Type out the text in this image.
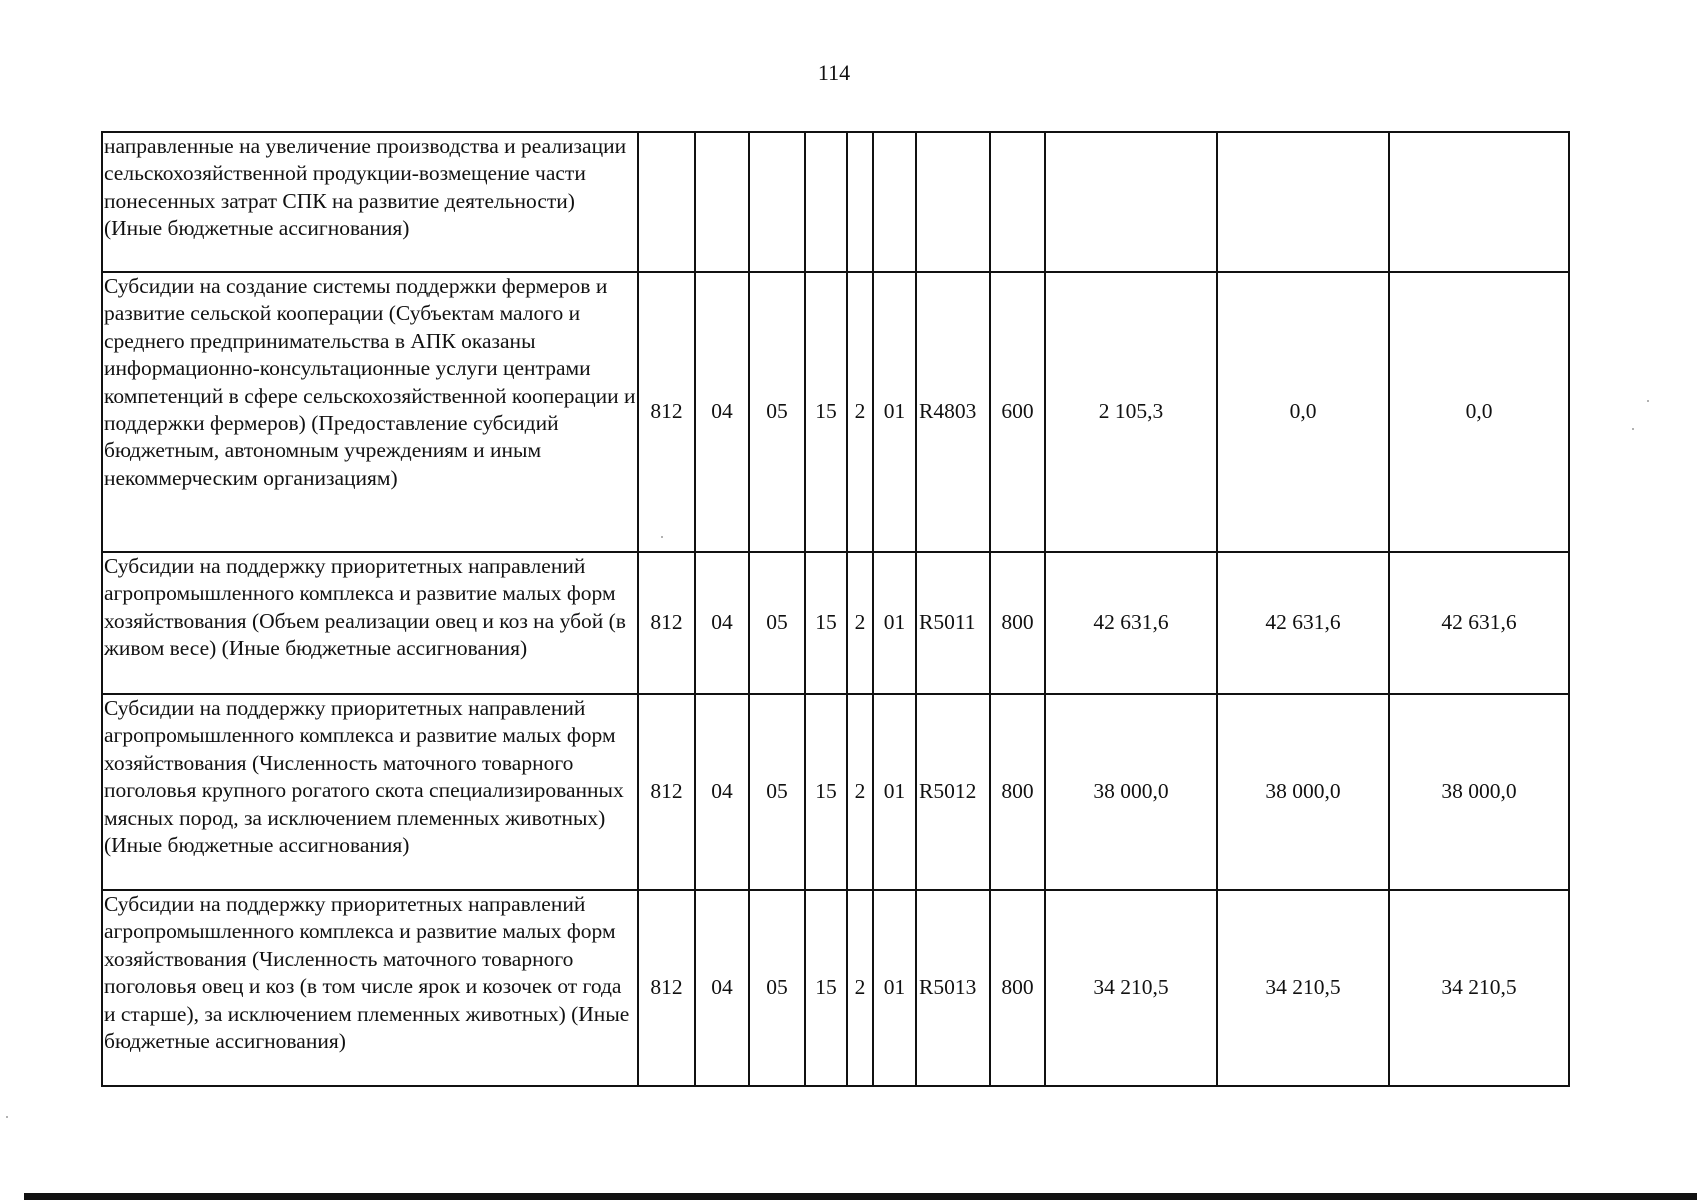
114
направленные на увеличение производства и реализации сельскохозяйственной продукции-возмещение части понесенных затрат СПК на развитие деятельности) (Иные бюджетные ассигнования)											
Субсидии на создание системы поддержки фермеров и развитие сельской кооперации (Субъектам малого и среднего предпринимательства в АПК оказаны информационно-консультационные услуги центрами компетенций в сфере сельскохозяйственной кооперации и поддержки фермеров) (Предоставление субсидий бюджетным, автономным учреждениям и иным некоммерческим организациям)	812	04	05	15	2	01	R4803	600	2 105,3	0,0	0,0
Субсидии на поддержку приоритетных направлений агропромышленного комплекса и развитие малых форм хозяйствования (Объем реализации овец и коз на убой (в живом весе) (Иные бюджетные ассигнования)	812	04	05	15	2	01	R5011	800	42 631,6	42 631,6	42 631,6
Субсидии на поддержку приоритетных направлений агропромышленного комплекса и развитие малых форм хозяйствования (Численность маточного товарного поголовья крупного рогатого скота специализированных мясных пород, за исключением племенных животных) (Иные бюджетные ассигнования)	812	04	05	15	2	01	R5012	800	38 000,0	38 000,0	38 000,0
Субсидии на поддержку приоритетных направлений агропромышленного комплекса и развитие малых форм хозяйствования (Численность маточного товарного поголовья овец и коз (в том числе ярок и козочек от года и старше), за исключением племенных животных) (Иные бюджетные ассигнования)	812	04	05	15	2	01	R5013	800	34 210,5	34 210,5	34 210,5
